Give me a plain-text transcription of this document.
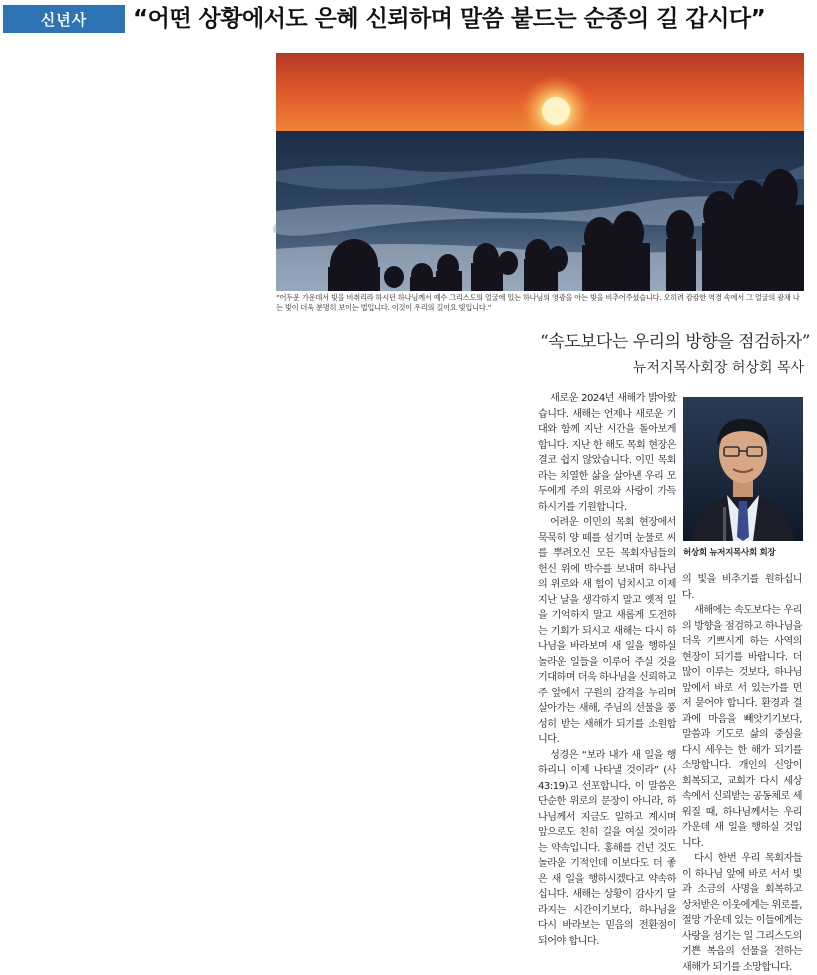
신년사	“어떤 상황에서도 은혜 신뢰하며 말씀 붙드는 순종의 길 갑시다”
“어두운 가운데서 빛을 비취리라 하시던 하나님께서 예수 그리스도의 얼굴에 있는 하나님의 영광을 아는 빛을 비추어주셨습니다. 오히려 캄캄한 역경 속에서 그 얼굴의 광채 나는 빛이 더욱 분명히 보이는 법입니다. 이것이 우리의 길이요 빛입니다.”
“속도보다는 우리의 방향을 점검하자”
뉴저지목사회장 허상회 목사

새로운 2024년 새해가 밝아왔습니다. 새해는 언제나 새로운 기대와 함께 지난 시간을 돌아보게 합니다. 지난 한 해도 목회 현장은 결코 쉽지 않았습니다. 이민 목회라는 치열한 삶을 살아낸 우리 모두에게 주의 위로와 사랑이 가득하시기를 기원합니다.

어려운 이민의 목회 현장에서 묵묵히 양 떼를 섬기며 눈물로 씨를 뿌려오신 모든 목회자님들의 헌신 위에 박수를 보내며 하나님의 위로와 새 힘이 넘치시고 이제 지난 날을 생각하지 말고 옛적 일을 기억하지 말고 새롭게 도전하는 기회가 되시고 새해는 다시 하나님을 바라보며 새 일을 행하실 놀라운 일들을 이루어 주실 것을 기대하며 더욱 하나님을 신뢰하고 주 앞에서 구원의 감격을 누리며 살아가는 새해, 주님의 선물을 풍성히 받는 새해가 되기를 소원합니다.

성경은 “보라 내가 새 일을 행하리니 이제 나타낼 것이라” (사 43:19)고 선포합니다. 이 말씀은 단순한 위로의 문장이 아니라, 하나님께서 지금도 일하고 계시며 앞으로도 친히 길을 여실 것이라는 약속입니다. 홍해를 건넌 것도 놀라운 기적인데 이보다도 더 좋은 새 일을 행하시겠다고 약속하십니다. 새해는 상황이 감사기 달라지는 시간이기보다, 하나님을 다시 바라보는 믿음의 전환점이 되어야 합니다.

허상회 뉴저지목사회 회장

의 빛을 비추기를 원하십니다.

새해에는 속도보다는 우리의 방향을 점검하고 하나님을 더욱 기쁘시게 하는 사역의 현장이 되기를 바랍니다. 더 많이 이루는 것보다, 하나님 앞에서 바로 서 있는가를 먼저 묻어야 합니다. 환경과 결과에 마음을 빼앗기기보다, 말씀과 기도로 삶의 중심을 다시 세우는 한 해가 되기를 소망합니다. 개인의 신앙이 회복되고, 교회가 다시 세상 속에서 신뢰받는 공동체로 세워질 때, 하나님께서는 우리 가운데 새 일을 행하실 것입니다.

다시 한번 우리 목회자들이 하나님 앞에 바로 서서 빛과 소금의 사명을 회복하고 상처받은 이웃에게는 위로를, 절망 가운데 있는 이들에게는 사랑을 섬기는 일 그리스도의 기쁜 복음의 선물을 전하는 새해가 되기를 소망합니다.
